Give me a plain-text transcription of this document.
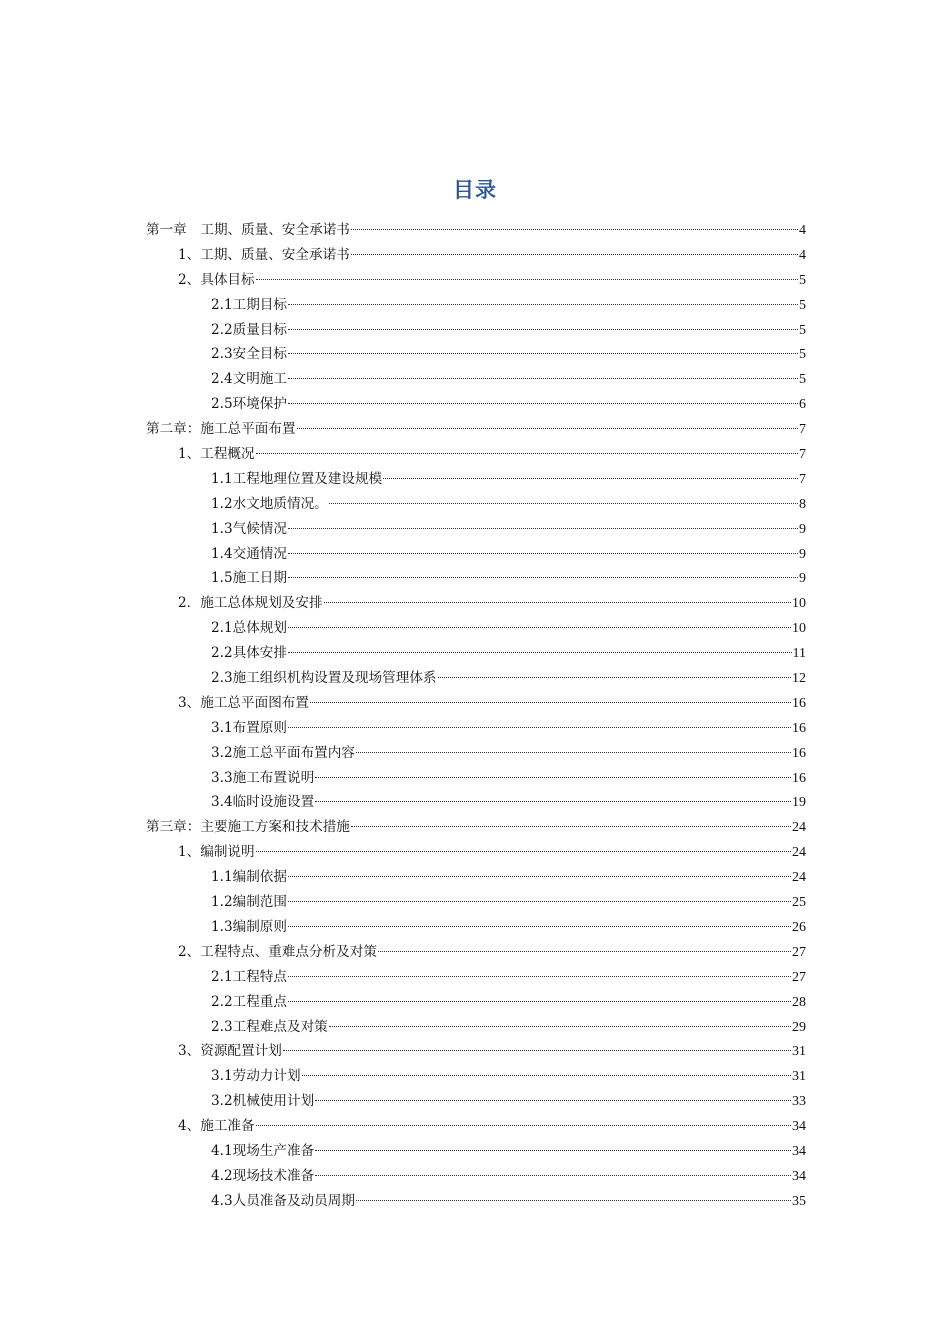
目录
第一章　工期、质量、安全承诺书	4
1、工期、质量、安全承诺书	4
2、具体目标	5
2.1工期目标	5
2.2质量目标	5
2.3安全目标	5
2.4文明施工	5
2.5环境保护	6
第二章：施工总平面布置	7
1、工程概况	7
1.1工程地理位置及建设规模	7
1.2水文地质情况。	8
1.3气候情况	9
1.4交通情况	9
1.5施工日期	9
2．施工总体规划及安排	10
2.1总体规划	10
2.2具体安排	11
2.3施工组织机构设置及现场管理体系	12
3、施工总平面图布置	16
3.1布置原则	16
3.2施工总平面布置内容	16
3.3施工布置说明	16
3.4临时设施设置	19
第三章：主要施工方案和技术措施	24
1、编制说明	24
1.1编制依据	24
1.2编制范围	25
1.3编制原则	26
2、工程特点、重难点分析及对策	27
2.1工程特点	27
2.2工程重点	28
2.3工程难点及对策	29
3、资源配置计划	31
3.1劳动力计划	31
3.2机械使用计划	33
4、施工准备	34
4.1现场生产准备	34
4.2现场技术准备	34
4.3人员准备及动员周期	35
